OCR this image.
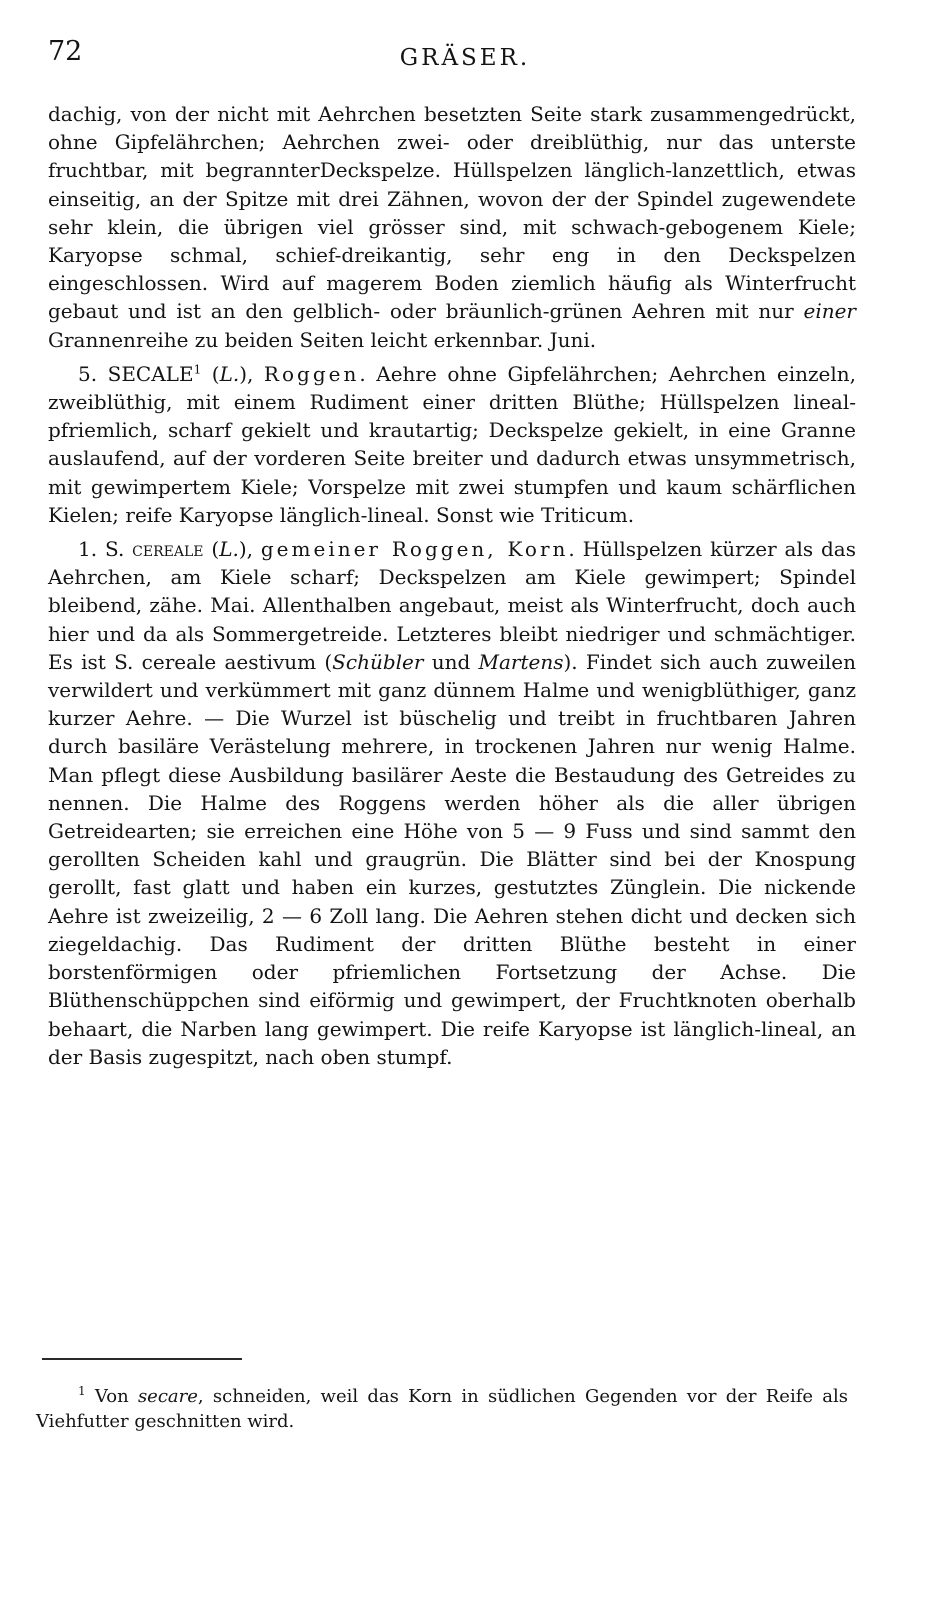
72	GRÄSER.

dachig, von der nicht mit Aehrchen besetzten Seite stark zusammengedrückt, ohne Gipfelährchen; Aehrchen zwei- oder dreiblüthig, nur das unterste fruchtbar, mit begrannterDeckspelze. Hüllspelzen länglich-lanzettlich, etwas einseitig, an der Spitze mit drei Zähnen, wovon der der Spindel zugewendete sehr klein, die übrigen viel grösser sind, mit schwach-gebogenem Kiele; Karyopse schmal, schief-dreikantig, sehr eng in den Deckspelzen eingeschlossen. Wird auf magerem Boden ziemlich häufig als Winterfrucht gebaut und ist an den gelblich- oder bräunlich-grünen Aehren mit nur einer Grannenreihe zu beiden Seiten leicht erkennbar. Juni.

5. SECALE$^1$ (L.), Roggen. Aehre ohne Gipfelährchen; Aehrchen einzeln, zweiblüthig, mit einem Rudiment einer dritten Blüthe; Hüllspelzen lineal-pfriemlich, scharf gekielt und krautartig; Deckspelze gekielt, in eine Granne auslaufend, auf der vorderen Seite breiter und dadurch etwas unsymmetrisch, mit gewimpertem Kiele; Vorspelze mit zwei stumpfen und kaum schärflichen Kielen; reife Karyopse länglich-lineal. Sonst wie Triticum.

1. S. cereale (L.), gemeiner Roggen, Korn. Hüllspelzen kürzer als das Aehrchen, am Kiele scharf; Deckspelzen am Kiele gewimpert; Spindel bleibend, zähe. Mai. Allenthalben angebaut, meist als Winterfrucht, doch auch hier und da als Sommergetreide. Letzteres bleibt niedriger und schmächtiger. Es ist S. cereale aestivum (Schübler und Martens). Findet sich auch zuweilen verwildert und verkümmert mit ganz dünnem Halme und wenigblüthiger, ganz kurzer Aehre. — Die Wurzel ist büschelig und treibt in fruchtbaren Jahren durch basiläre Verästelung mehrere, in trockenen Jahren nur wenig Halme. Man pflegt diese Ausbildung basilärer Aeste die Bestaudung des Getreides zu nennen. Die Halme des Roggens werden höher als die aller übrigen Getreidearten; sie erreichen eine Höhe von 5 — 9 Fuss und sind sammt den gerollten Scheiden kahl und graugrün. Die Blätter sind bei der Knospung gerollt, fast glatt und haben ein kurzes, gestutztes Zünglein. Die nickende Aehre ist zweizeilig, 2 — 6 Zoll lang. Die Aehren stehen dicht und decken sich ziegeldachig. Das Rudiment der dritten Blüthe besteht in einer borstenförmigen oder pfriemlichen Fortsetzung der Achse. Die Blüthenschüppchen sind eiförmig und gewimpert, der Fruchtknoten oberhalb behaart, die Narben lang gewimpert. Die reife Karyopse ist länglich-lineal, an der Basis zugespitzt, nach oben stumpf.

$^1$ Von secare, schneiden, weil das Korn in südlichen Gegenden vor der Reife als Viehfutter geschnitten wird.
